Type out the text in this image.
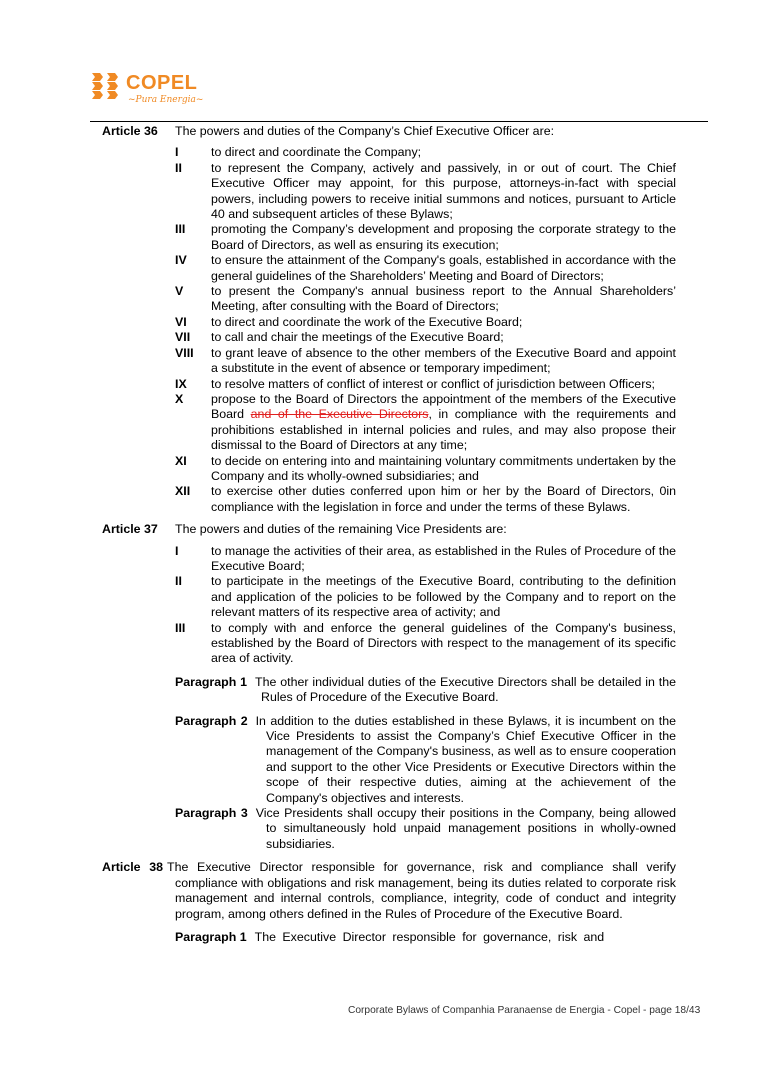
COPEL
~Pura Energia~
Article 36	The powers and duties of the Company’s Chief Executive Officer are:
I	to direct and coordinate the Company;
II	to represent the Company, actively and passively, in or out of court. The Chief Executive Officer may appoint, for this purpose, attorneys-in-fact with special powers, including powers to receive initial summons and notices, pursuant to Article 40 and subsequent articles of these Bylaws;
III	promoting the Company’s development and proposing the corporate strategy to the Board of Directors, as well as ensuring its execution;
IV	to ensure the attainment of the Company's goals, established in accordance with the general guidelines of the Shareholders’ Meeting and Board of Directors;
V	to present the Company's annual business report to the Annual Shareholders’ Meeting, after consulting with the Board of Directors;
VI	to direct and coordinate the work of the Executive Board;
VII	to call and chair the meetings of the Executive Board;
VIII	to grant leave of absence to the other members of the Executive Board and appoint a substitute in the event of absence or temporary impediment;
IX	to resolve matters of conflict of interest or conflict of jurisdiction between Officers;
X	propose to the Board of Directors the appointment of the members of the Executive Board and of the Executive Directors, in compliance with the requirements and prohibitions established in internal policies and rules, and may also propose their dismissal to the Board of Directors at any time;
XI	to decide on entering into and maintaining voluntary commitments undertaken by the Company and its wholly-owned subsidiaries; and
XII	to exercise other duties conferred upon him or her by the Board of Directors, 0in compliance with the legislation in force and under the terms of these Bylaws.
Article 37	The powers and duties of the remaining Vice Presidents are:
I	to manage the activities of their area, as established in the Rules of Procedure of the Executive Board;
II	to participate in the meetings of the Executive Board, contributing to the definition and application of the policies to be followed by the Company and to report on the relevant matters of its respective area of activity; and
III	to comply with and enforce the general guidelines of the Company's business, established by the Board of Directors with respect to the management of its specific area of activity.
Paragraph 1 The other individual duties of the Executive Directors shall be detailed in the Rules of Procedure of the Executive Board.
Paragraph 2 In addition to the duties established in these Bylaws, it is incumbent on the Vice Presidents to assist the Company’s Chief Executive Officer in the management of the Company's business, as well as to ensure cooperation and support to the other Vice Presidents or Executive Directors within the scope of their respective duties, aiming at the achievement of the Company's objectives and interests.
Paragraph 3 Vice Presidents shall occupy their positions in the Company, being allowed to simultaneously hold unpaid management positions in wholly-owned subsidiaries.
Article 38 The Executive Director responsible for governance, risk and compliance shall verify compliance with obligations and risk management, being its duties related to corporate risk management and internal controls, compliance, integrity, code of conduct and integrity program, among others defined in the Rules of Procedure of the Executive Board.
Paragraph 1 The Executive Director responsible for governance, risk and
Corporate Bylaws of Companhia Paranaense de Energia - Copel - page 18/43
